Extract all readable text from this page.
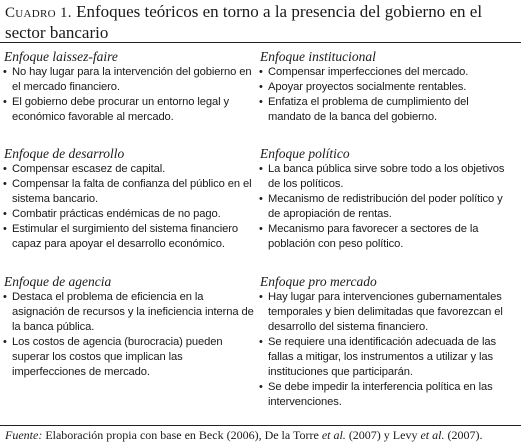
Cuadro 1. Enfoques teóricos en torno a la presencia del gobierno en el sector bancario
Enfoque laissez-faire
• No hay lugar para la intervención del gobierno en el mercado financiero.
• El gobierno debe procurar un entorno legal y económico favorable al mercado.
Enfoque de desarrollo
• Compensar escasez de capital.
• Compensar la falta de confianza del público en el sistema bancario.
• Combatir prácticas endémicas de no pago.
• Estimular el surgimiento del sistema financiero capaz para apoyar el desarrollo económico.
Enfoque de agencia
• Destaca el problema de eficiencia en la asignación de recursos y la ineficiencia interna de la banca pública.
• Los costos de agencia (burocracia) pueden superar los costos que implican las imperfecciones de mercado.
Enfoque institucional
• Compensar imperfecciones del mercado.
• Apoyar proyectos socialmente rentables.
• Enfatiza el problema de cumplimiento del mandato de la banca del gobierno.
Enfoque político
• La banca pública sirve sobre todo a los objetivos de los políticos.
• Mecanismo de redistribución del poder político y de apropiación de rentas.
• Mecanismo para favorecer a sectores de la población con peso político.
Enfoque pro mercado
• Hay lugar para intervenciones gubernamentales temporales y bien delimitadas que favorezcan el desarrollo del sistema financiero.
• Se requiere una identificación adecuada de las fallas a mitigar, los instrumentos a utilizar y las instituciones que participarán.
• Se debe impedir la interferencia política en las intervenciones.
Fuente: Elaboración propia con base en Beck (2006), De la Torre et al. (2007) y Levy et al. (2007).
